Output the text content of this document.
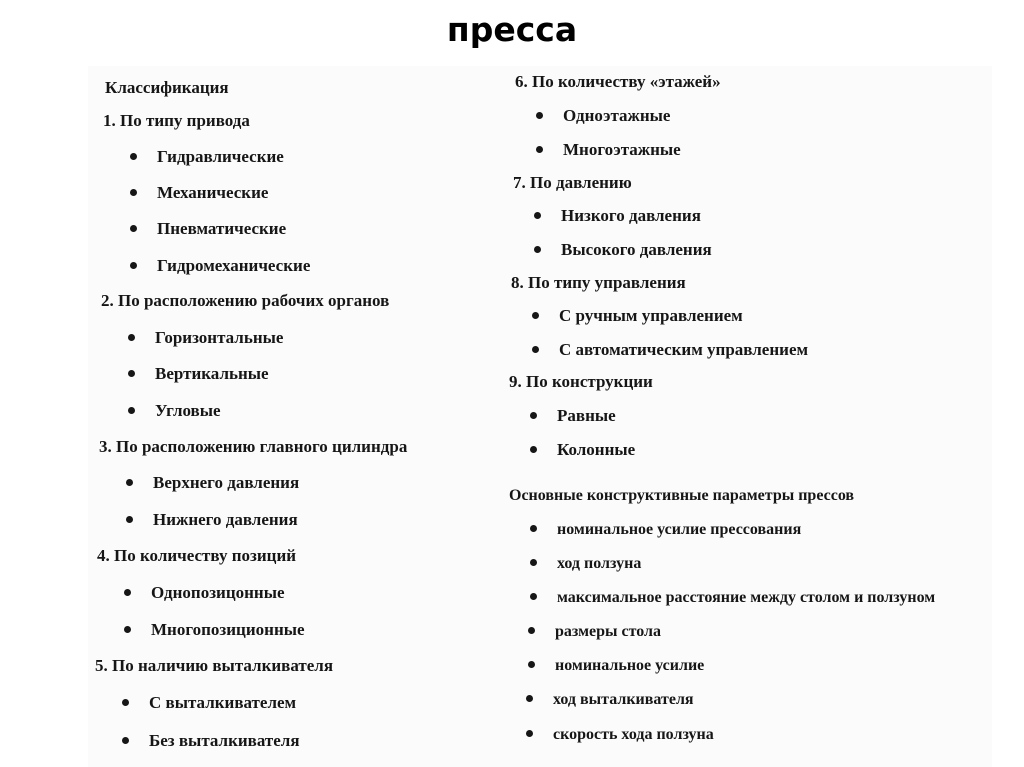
пресса
Классификация
1. По типу привода
Гидравлические
Механические
Пневматические
Гидромеханические
2. По расположению рабочих органов
Горизонтальные
Вертикальные
Угловые
3. По расположению главного цилиндра
Верхнего давления
Нижнего давления
4. По количеству позиций
Однопозицонные
Многопозиционные
5. По наличию выталкивателя
С выталкивателем
Без выталкивателя
6. По количеству «этажей»
Одноэтажные
Многоэтажные
7. По давлению
Низкого давления
Высокого давления
8. По типу управления
С ручным управлением
С автоматическим управлением
9. По конструкции
Равные
Колонные
Основные конструктивные параметры прессов
номинальное усилие прессования
ход ползуна
максимальное расстояние между столом и ползуном
размеры стола
номинальное усилие
ход выталкивателя
скорость хода ползуна
